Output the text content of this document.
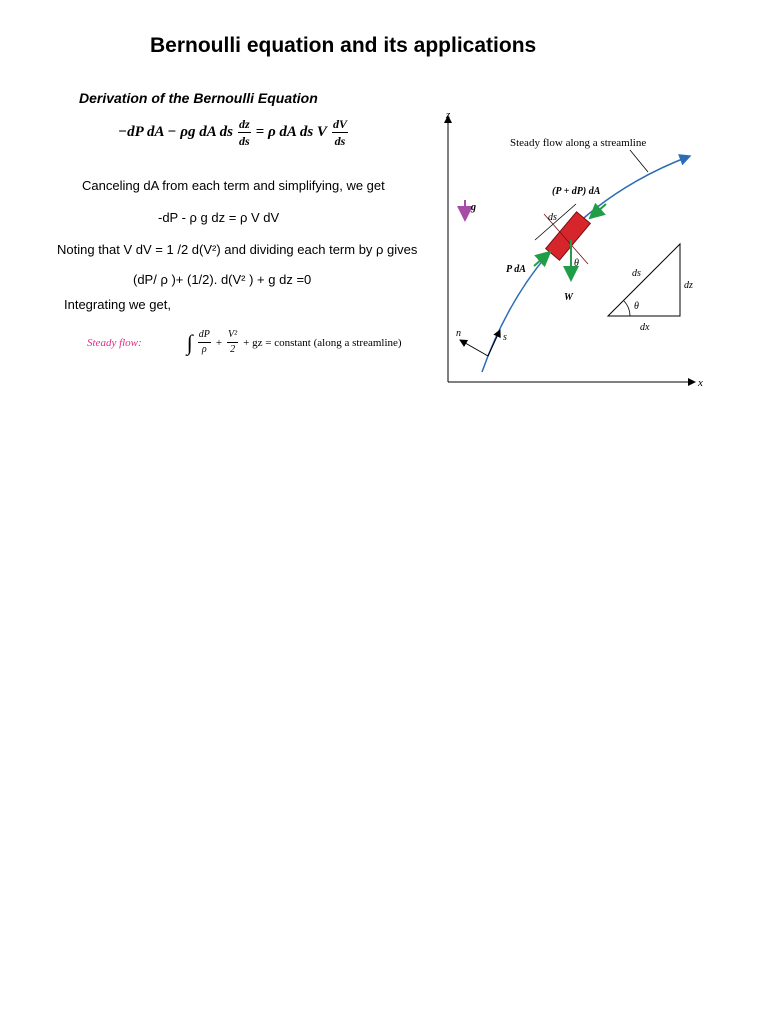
Bernoulli equation and its applications
Derivation of the Bernoulli Equation
−dP dA − ρg dA ds $\frac{dz}{ds} = \rho$ dA ds V $\frac{dV}{ds}$
Canceling dA from each term and simplifying, we get
-dP - ρ g dz = ρ V dV
Noting that V dV = 1 /2 d(V²) and dividing each term by ρ gives
(dP/ ρ )+ (1/2). d(V² ) + g dz =0
Integrating we get,
Steady flow: ∫ $\frac{dP}{\rho} + \frac{\text{V²}}{2}$ + gz = constant (along a streamline)
z
x
Steady flow along a streamline
g
ds
(P + dP) dA
P dA
W
θ
n	s
ds
dz
dx
θ
